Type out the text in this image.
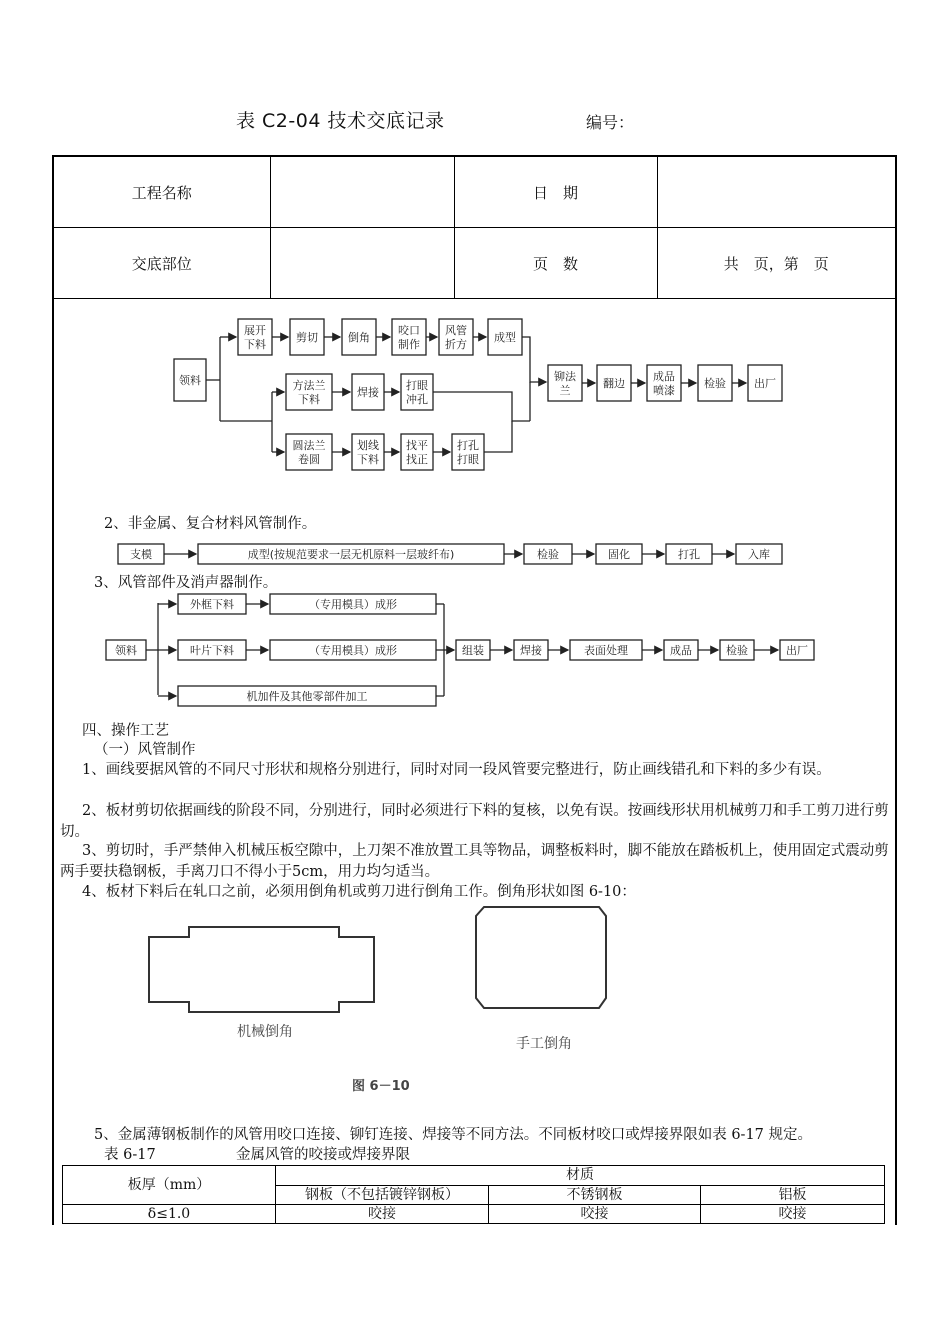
表 C2-04 技术交底记录	编号：
工程名称		日　期	
交底部位		页　数	共　页，第　页
领料
展开
下料
剪切	倒角
咬口
制作
风管
折方
成型
方法兰
下料
焊接
打眼
冲孔
圆法兰
卷圆
划线
下料
找平
找正
打孔
打眼
铆法
兰
翻边
成品
喷漆
检验	出厂
2、非金属、复合材料风管制作。
支模	成型(按规范要求一层无机原料一层玻纤布)	检验	固化	打孔	入库
3、风管部件及消声器制作。
领料
外框下料	（专用模具）成形
叶片下料	（专用模具）成形
机加件及其他零部件加工
组装	焊接	表面处理	成品	检验	出厂
四、操作工艺
（一）风管制作
1、画线要据风管的不同尺寸形状和规格分别进行，同时对同一段风管要完整进行，防止画线错孔和下料的多少有误。
2、板材剪切依据画线的阶段不同，分别进行，同时必须进行下料的复核，以免有误。按画线形状用机械剪刀和手工剪刀进行剪切。
3、剪切时，手严禁伸入机械压板空隙中，上刀架不准放置工具等物品，调整板料时，脚不能放在踏板机上，使用固定式震动剪两手要扶稳钢板，手离刀口不得小于5cm，用力均匀适当。
4、板材下料后在轧口之前，必须用倒角机或剪刀进行倒角工作。倒角形状如图 6-10：
机械倒角
手工倒角
图 6－10
5、金属薄钢板制作的风管用咬口连接、铆钉连接、焊接等不同方法。不同板材咬口或焊接界限如表 6-17 规定。
表 6-17	金属风管的咬接或焊接界限
板厚（mm）	材质		
	钢板（不包括镀锌钢板）	不锈钢板	铝板
δ≤1.0	咬接	咬接	咬接
